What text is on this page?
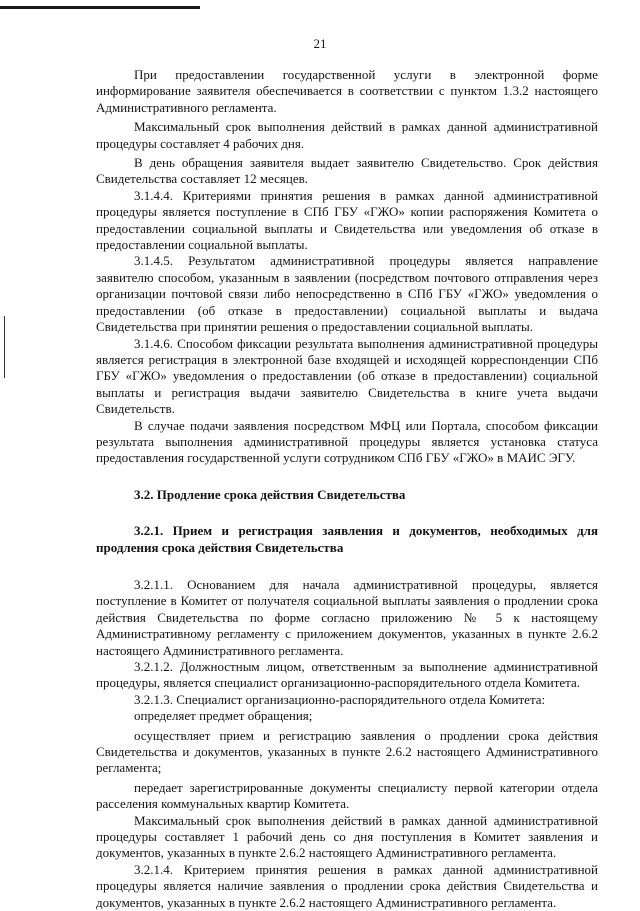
21

При предоставлении государственной услуги в электронной форме информирование заявителя обеспечивается в соответствии с пунктом 1.3.2 настоящего Административного регламента.

Максимальный срок выполнения действий в рамках данной административной процедуры составляет 4 рабочих дня.

В день обращения заявителя выдает заявителю Свидетельство. Срок действия Свидетельства составляет 12 месяцев.

3.1.4.4. Критериями принятия решения в рамках данной административной процедуры является поступление в СПб ГБУ «ГЖО» копии распоряжения Комитета о предоставлении социальной выплаты и Свидетельства или уведомления об отказе в предоставлении социальной выплаты.

3.1.4.5. Результатом административной процедуры является направление заявителю способом, указанным в заявлении (посредством почтового отправления через организации почтовой связи либо непосредственно в СПб ГБУ «ГЖО» уведомления о предоставлении (об отказе в предоставлении) социальной выплаты и выдача Свидетельства при принятии решения о предоставлении социальной выплаты.

3.1.4.6. Способом фиксации результата выполнения административной процедуры является регистрация в электронной базе входящей и исходящей корреспонденции СПб ГБУ «ГЖО» уведомления о предоставлении (об отказе в предоставлении) социальной выплаты и регистрация выдачи заявителю Свидетельства в книге учета выдачи Свидетельств.

В случае подачи заявления посредством МФЦ или Портала, способом фиксации результата выполнения административной процедуры является установка статуса предоставления государственной услуги сотрудником СПб ГБУ «ГЖО» в МАИС ЭГУ.

3.2. Продление срока действия Свидетельства
3.2.1. Прием и регистрация заявления и документов, необходимых для продления срока действия Свидетельства

3.2.1.1. Основанием для начала административной процедуры, является поступление в Комитет от получателя социальной выплаты заявления о продлении срока действия Свидетельства по форме согласно приложению № 5 к настоящему Административному регламенту с приложением документов, указанных в пункте 2.6.2 настоящего Административного регламента.

3.2.1.2. Должностным лицом, ответственным за выполнение административной процедуры, является специалист организационно-распорядительного отдела Комитета.

3.2.1.3. Специалист организационно-распорядительного отдела Комитета:

определяет предмет обращения;

осуществляет прием и регистрацию заявления о продлении срока действия Свидетельства и документов, указанных в пункте 2.6.2 настоящего Административного регламента;

передает зарегистрированные документы специалисту первой категории отдела расселения коммунальных квартир Комитета.

Максимальный срок выполнения действий в рамках данной административной процедуры составляет 1 рабочий день со дня поступления в Комитет заявления и документов, указанных в пункте 2.6.2 настоящего Административного регламента.

3.2.1.4. Критерием принятия решения в рамках данной административной процедуры является наличие заявления о продлении срока действия Свидетельства и документов, указанных в пункте 2.6.2 настоящего Административного регламента.
